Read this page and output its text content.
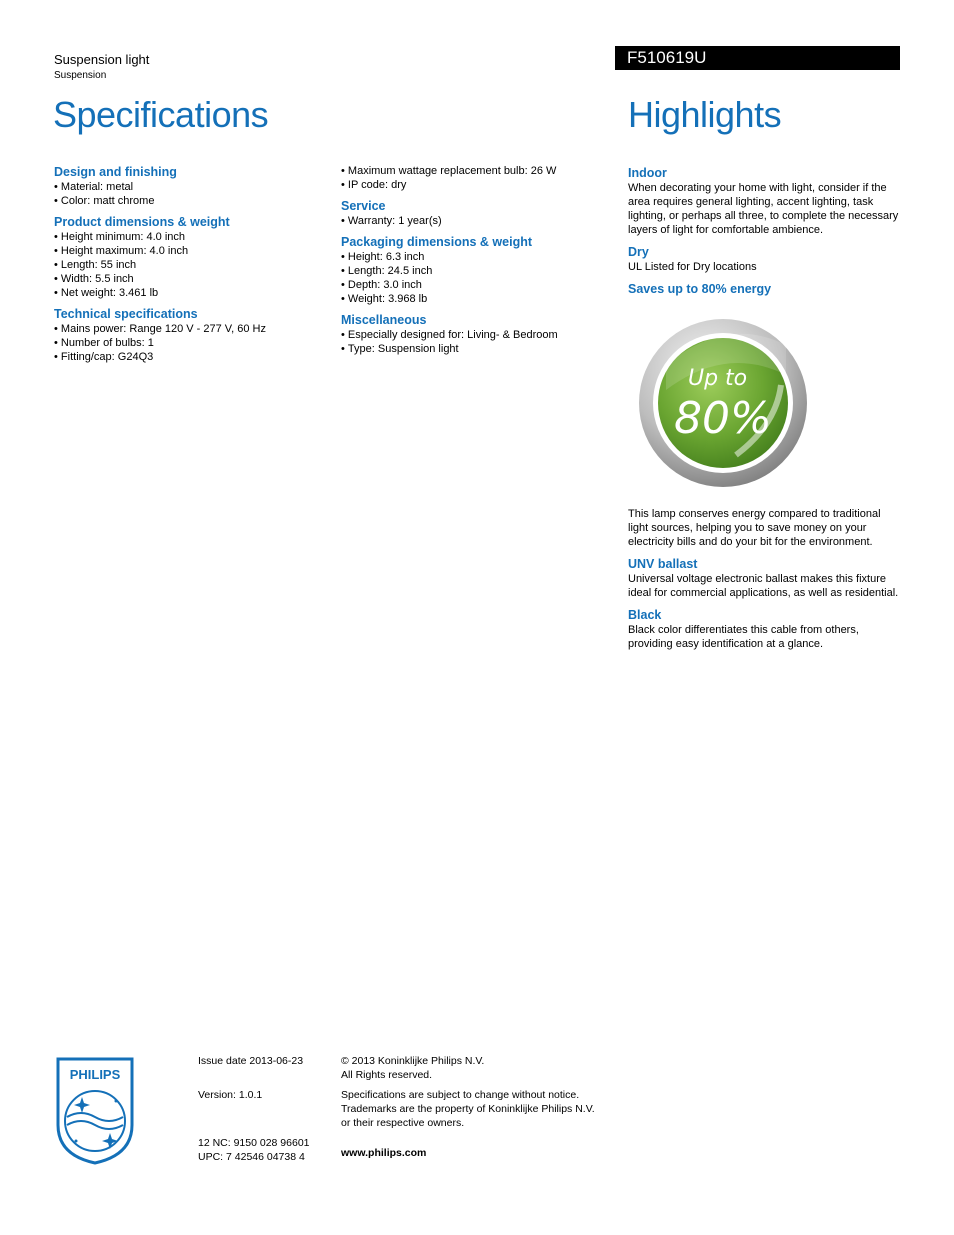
Suspension light
Suspension
F510619U
Specifications	Highlights
Design and finishing
• Material: metal
• Color: matt chrome
Product dimensions & weight
• Height minimum: 4.0 inch
• Height maximum: 4.0 inch
• Length: 55 inch
• Width: 5.5 inch
• Net weight: 3.461 lb
Technical specifications
• Mains power: Range 120 V - 277 V, 60 Hz
• Number of bulbs: 1
• Fitting/cap: G24Q3
• Maximum wattage replacement bulb: 26 W
• IP code: dry
Service
• Warranty: 1 year(s)
Packaging dimensions & weight
• Height: 6.3 inch
• Length: 24.5 inch
• Depth: 3.0 inch
• Weight: 3.968 lb
Miscellaneous
• Especially designed for: Living- & Bedroom
• Type: Suspension light
Indoor

When decorating your home with light, consider if the area requires general lighting, accent lighting, task lighting, or perhaps all three, to complete the necessary layers of light for comfortable ambience.

Dry

UL Listed for Dry locations

Saves up to 80% energy
Up to
80%

This lamp conserves energy compared to traditional light sources, helping you to save money on your electricity bills and do your bit for the environment.

UNV ballast

Universal voltage electronic ballast makes this fixture ideal for commercial applications, as well as residential.

Black

Black color differentiates this cable from others, providing easy identification at a glance.

PHILIPS
Issue date 2013-06-23
Version: 1.0.1
12 NC: 9150 028 96601
UPC: 7 42546 04738 4
© 2013 Koninklijke Philips N.V.
All Rights reserved.
Specifications are subject to change without notice.
Trademarks are the property of Koninklijke Philips N.V.
or their respective owners.
www.philips.com
